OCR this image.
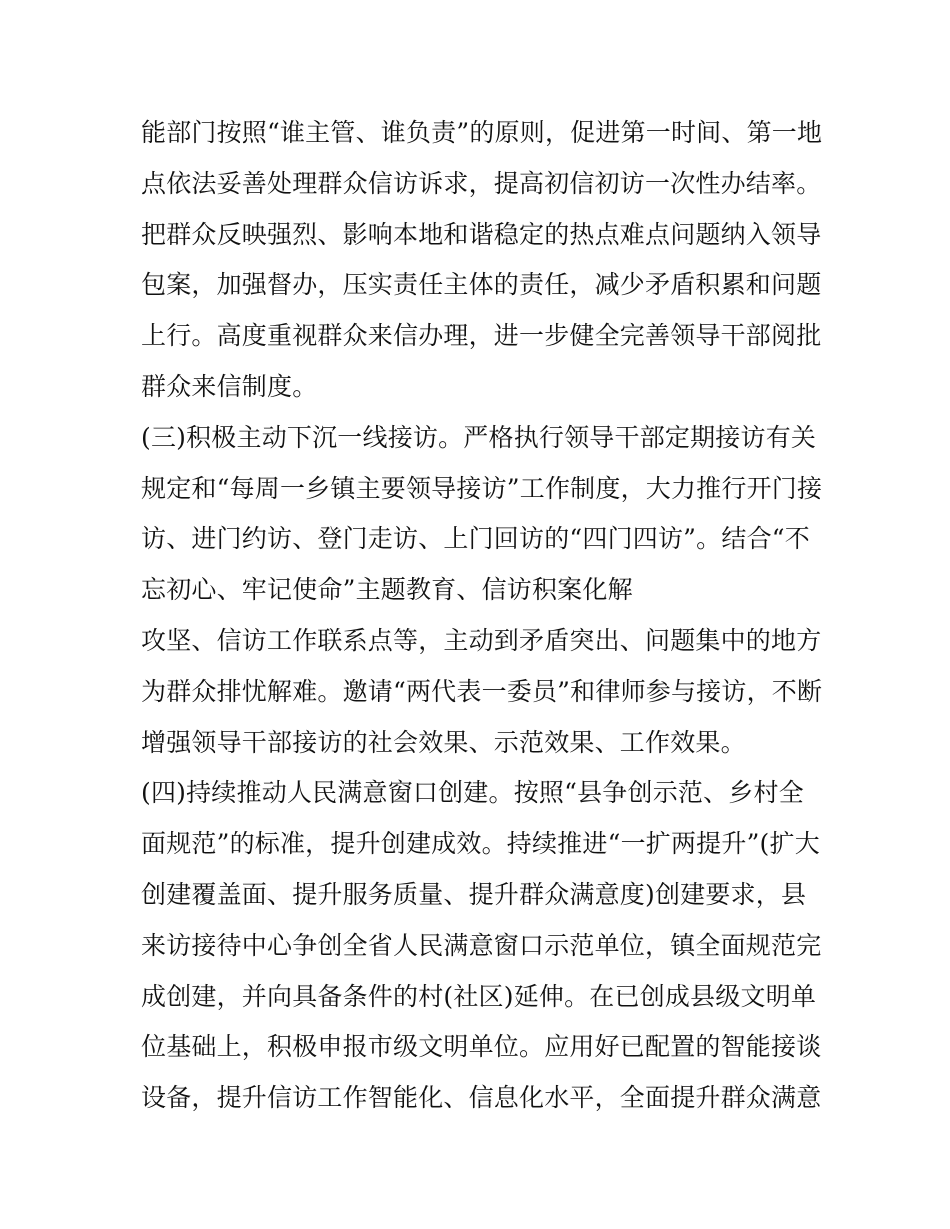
能部门按照“谁主管、谁负责”的原则，促进第一时间、第一地
点依法妥善处理群众信访诉求，提高初信初访一次性办结率。
把群众反映强烈、影响本地和谐稳定的热点难点问题纳入领导
包案，加强督办，压实责任主体的责任，减少矛盾积累和问题
上行。高度重视群众来信办理，进一步健全完善领导干部阅批
群众来信制度。
(三)积极主动下沉一线接访。严格执行领导干部定期接访有关
规定和“每周一乡镇主要领导接访”工作制度，大力推行开门接
访、进门约访、登门走访、上门回访的“四门四访”。结合“不
忘初心、牢记使命”主题教育、信访积案化解
攻坚、信访工作联系点等，主动到矛盾突出、问题集中的地方
为群众排忧解难。邀请“两代表一委员”和律师参与接访，不断
增强领导干部接访的社会效果、示范效果、工作效果。
(四)持续推动人民满意窗口创建。按照“县争创示范、乡村全
面规范”的标准，提升创建成效。持续推进“一扩两提升”(扩大
创建覆盖面、提升服务质量、提升群众满意度)创建要求，县
来访接待中心争创全省人民满意窗口示范单位，镇全面规范完
成创建，并向具备条件的村(社区)延伸。在已创成县级文明单
位基础上，积极申报市级文明单位。应用好已配置的智能接谈
设备，提升信访工作智能化、信息化水平，全面提升群众满意
